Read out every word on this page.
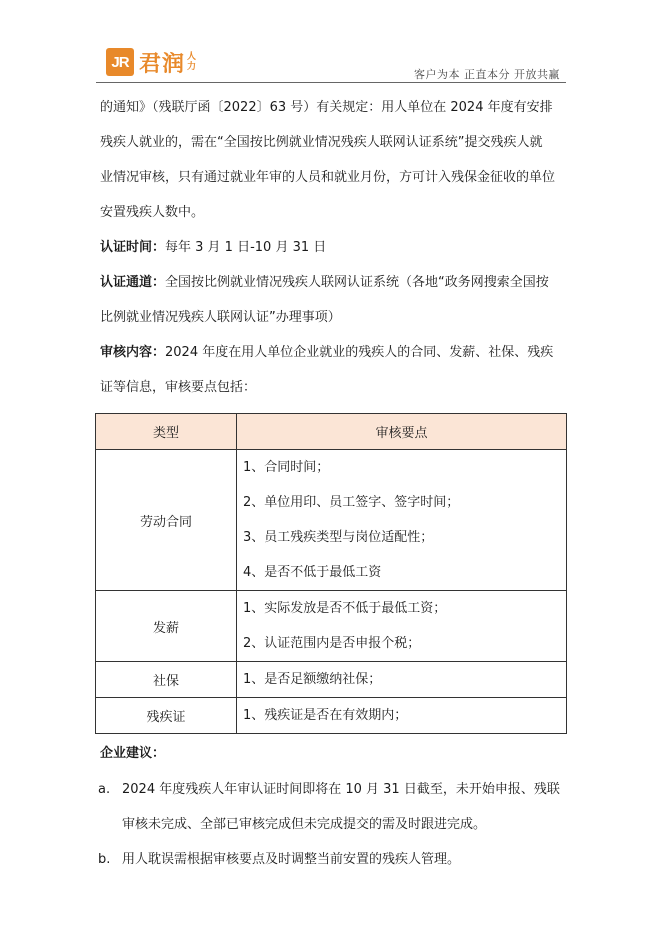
JR 君润 人
力
客户为本 正直本分 开放共赢

的通知》（残联厅函〔2022〕63 号）有关规定：用人单位在 2024 年度有安排

残疾人就业的，需在“全国按比例就业情况残疾人联网认证系统”提交残疾人就

业情况审核，只有通过就业年审的人员和就业月份，方可计入残保金征收的单位

安置残疾人数中。

认证时间：每年 3 月 1 日-10 月 31 日

认证通道：全国按比例就业情况残疾人联网认证系统（各地“政务网搜索全国按

比例就业情况残疾人联网认证”办理事项）

审核内容：2024 年度在用人单位企业就业的残疾人的合同、发薪、社保、残疾

证等信息，审核要点包括：

类型	审核要点
劳动合同	1、合同时间；
2、单位用印、员工签字、签字时间；
3、员工残疾类型与岗位适配性；
4、是否不低于最低工资

发薪	1、实际发放是否不低于最低工资；
2、认证范围内是否申报个税；

社保	1、是否足额缴纳社保；

残疾证	1、残疾证是否在有效期内；
企业建议：
a. 2024 年度残疾人年审认证时间即将在 10 月 31 日截至，未开始申报、残联
审核未完成、全部已审核完成但未完成提交的需及时跟进完成。
b. 用人耽误需根据审核要点及时调整当前安置的残疾人管理。
